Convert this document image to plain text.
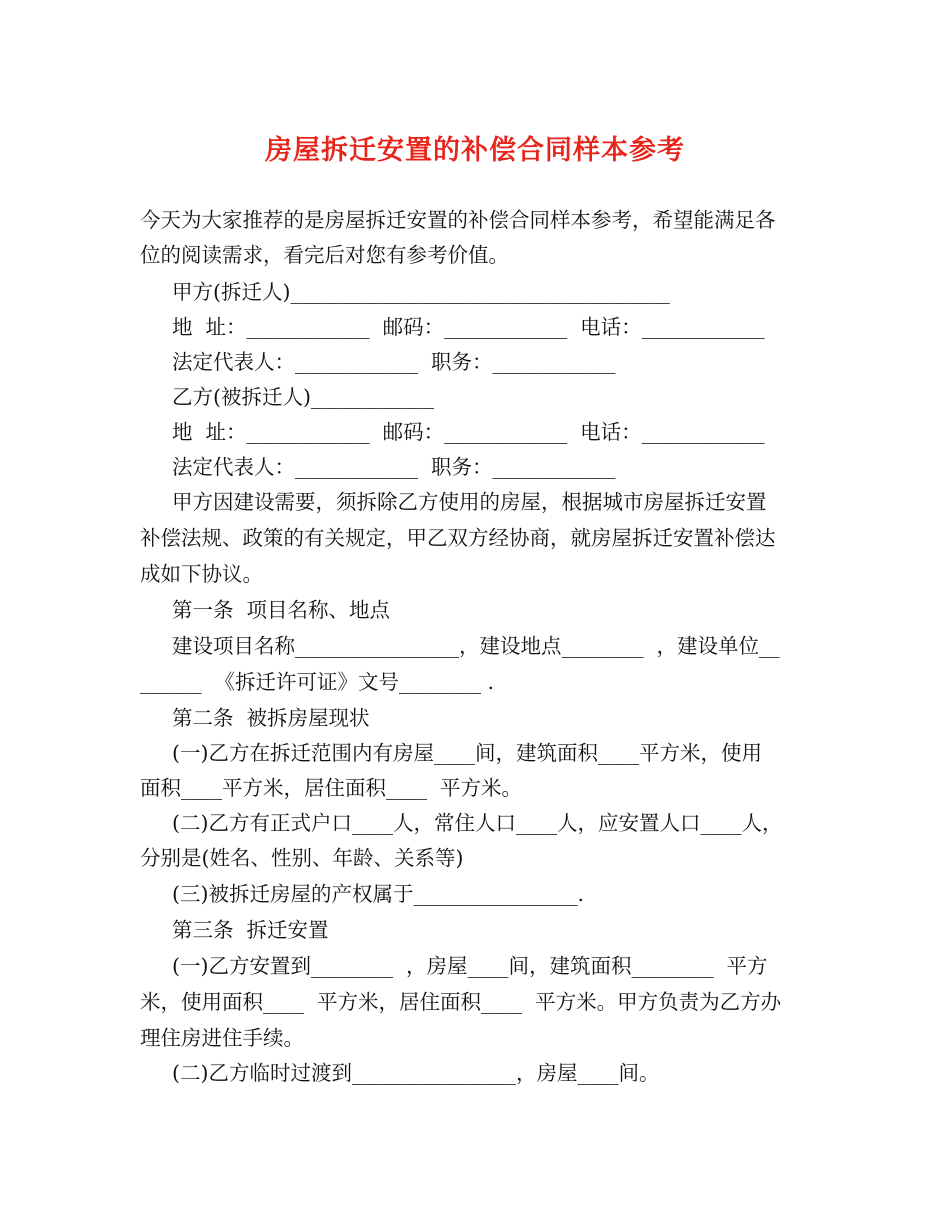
房屋拆迁安置的补偿合同样本参考
今天为大家推荐的是房屋拆迁安置的补偿合同样本参考，希望能满足各
位的阅读需求，看完后对您有参考价值。
甲方(拆迁人)_____________________________________
地  址：____________  邮码：____________  电话：____________
法定代表人：____________  职务：____________
乙方(被拆迁人)____________
地  址：____________  邮码：____________  电话：____________
法定代表人：____________  职务：____________
甲方因建设需要，须拆除乙方使用的房屋，根据城市房屋拆迁安置
补偿法规、政策的有关规定，甲乙双方经协商，就房屋拆迁安置补偿达
成如下协议。
第一条  项目名称、地点
建设项目名称________________，建设地点________  ，建设单位__
______  《拆迁许可证》文号________ .
第二条  被拆房屋现状
(一)乙方在拆迁范围内有房屋____间，建筑面积____平方米，使用
面积____平方米，居住面积____  平方米。
(二)乙方有正式户口____人，常住人口____人，应安置人口____人，
分别是(姓名、性别、年龄、关系等)
(三)被拆迁房屋的产权属于________________.
第三条  拆迁安置
(一)乙方安置到________  ，房屋____间，建筑面积________  平方
米，使用面积____  平方米，居住面积____  平方米。甲方负责为乙方办
理住房进住手续。
(二)乙方临时过渡到________________，房屋____间。
